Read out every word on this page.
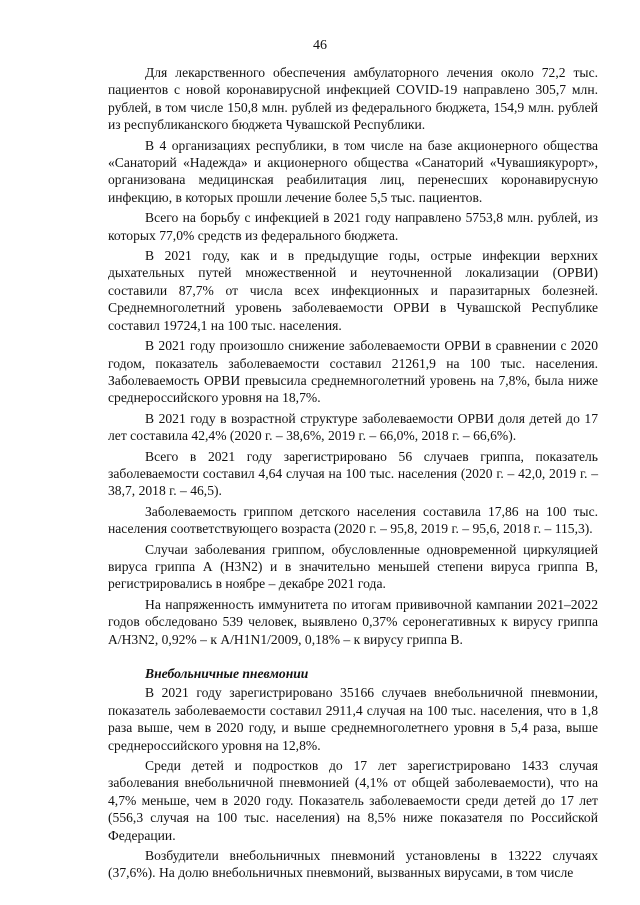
46

Для лекарственного обеспечения амбулаторного лечения около 72,2 тыс. пациентов с новой коронавирусной инфекцией COVID-19 направлено 305,7 млн. рублей, в том числе 150,8 млн. рублей из федерального бюджета, 154,9 млн. рублей из республиканского бюджета Чувашской Республики.

В 4 организациях республики, в том числе на базе акционерного общества «Санаторий «Надежда» и акционерного общества «Санаторий «Чувашиякурорт», организована медицинская реабилитация лиц, перенесших коронавирусную инфекцию, в которых прошли лечение более 5,5 тыс. пациентов.

Всего на борьбу с инфекцией в 2021 году направлено 5753,8 млн. рублей, из которых 77,0% средств из федерального бюджета.

В 2021 году, как и в предыдущие годы, острые инфекции верхних дыхательных путей множественной и неуточненной локализации (ОРВИ) составили 87,7% от числа всех инфекционных и паразитарных болезней. Среднемноголетний уровень заболеваемости ОРВИ в Чувашской Республике составил 19724,1 на 100 тыс. населения.

В 2021 году произошло снижение заболеваемости ОРВИ в сравнении с 2020 годом, показатель заболеваемости составил 21261,9 на 100 тыс. населения. Заболеваемость ОРВИ превысила среднемноголетний уровень на 7,8%, была ниже среднероссийского уровня на 18,7%.

В 2021 году в возрастной структуре заболеваемости ОРВИ доля детей до 17 лет составила 42,4% (2020 г. – 38,6%, 2019 г. – 66,0%, 2018 г. – 66,6%).

Всего в 2021 году зарегистрировано 56 случаев гриппа, показатель заболеваемости составил 4,64 случая на 100 тыс. населения (2020 г. – 42,0, 2019 г. – 38,7, 2018 г. – 46,5).

Заболеваемость гриппом детского населения составила 17,86 на 100 тыс. населения соответствующего возраста (2020 г. – 95,8, 2019 г. – 95,6, 2018 г. – 115,3).

Случаи заболевания гриппом, обусловленные одновременной циркуляцией вируса гриппа А (H3N2) и в значительно меньшей степени вируса гриппа В, регистрировались в ноябре – декабре 2021 года.

На напряженность иммунитета по итогам прививочной кампании 2021–2022 годов обследовано 539 человек, выявлено 0,37% серонегативных к вирусу гриппа A/H3N2, 0,92% – к A/H1N1/2009, 0,18% – к вирусу гриппа В.

Внебольничные пневмонии

В 2021 году зарегистрировано 35166 случаев внебольничной пневмонии, показатель заболеваемости составил 2911,4 случая на 100 тыс. населения, что в 1,8 раза выше, чем в 2020 году, и выше среднемноголетнего уровня в 5,4 раза, выше среднероссийского уровня на 12,8%.

Среди детей и подростков до 17 лет зарегистрировано 1433 случая заболевания внебольничной пневмонией (4,1% от общей заболеваемости), что на 4,7% меньше, чем в 2020 году. Показатель заболеваемости среди детей до 17 лет (556,3 случая на 100 тыс. населения) на 8,5% ниже показателя по Российской Федерации.

Возбудители внебольничных пневмоний установлены в 13222 случаях (37,6%). На долю внебольничных пневмоний, вызванных вирусами, в том числе
